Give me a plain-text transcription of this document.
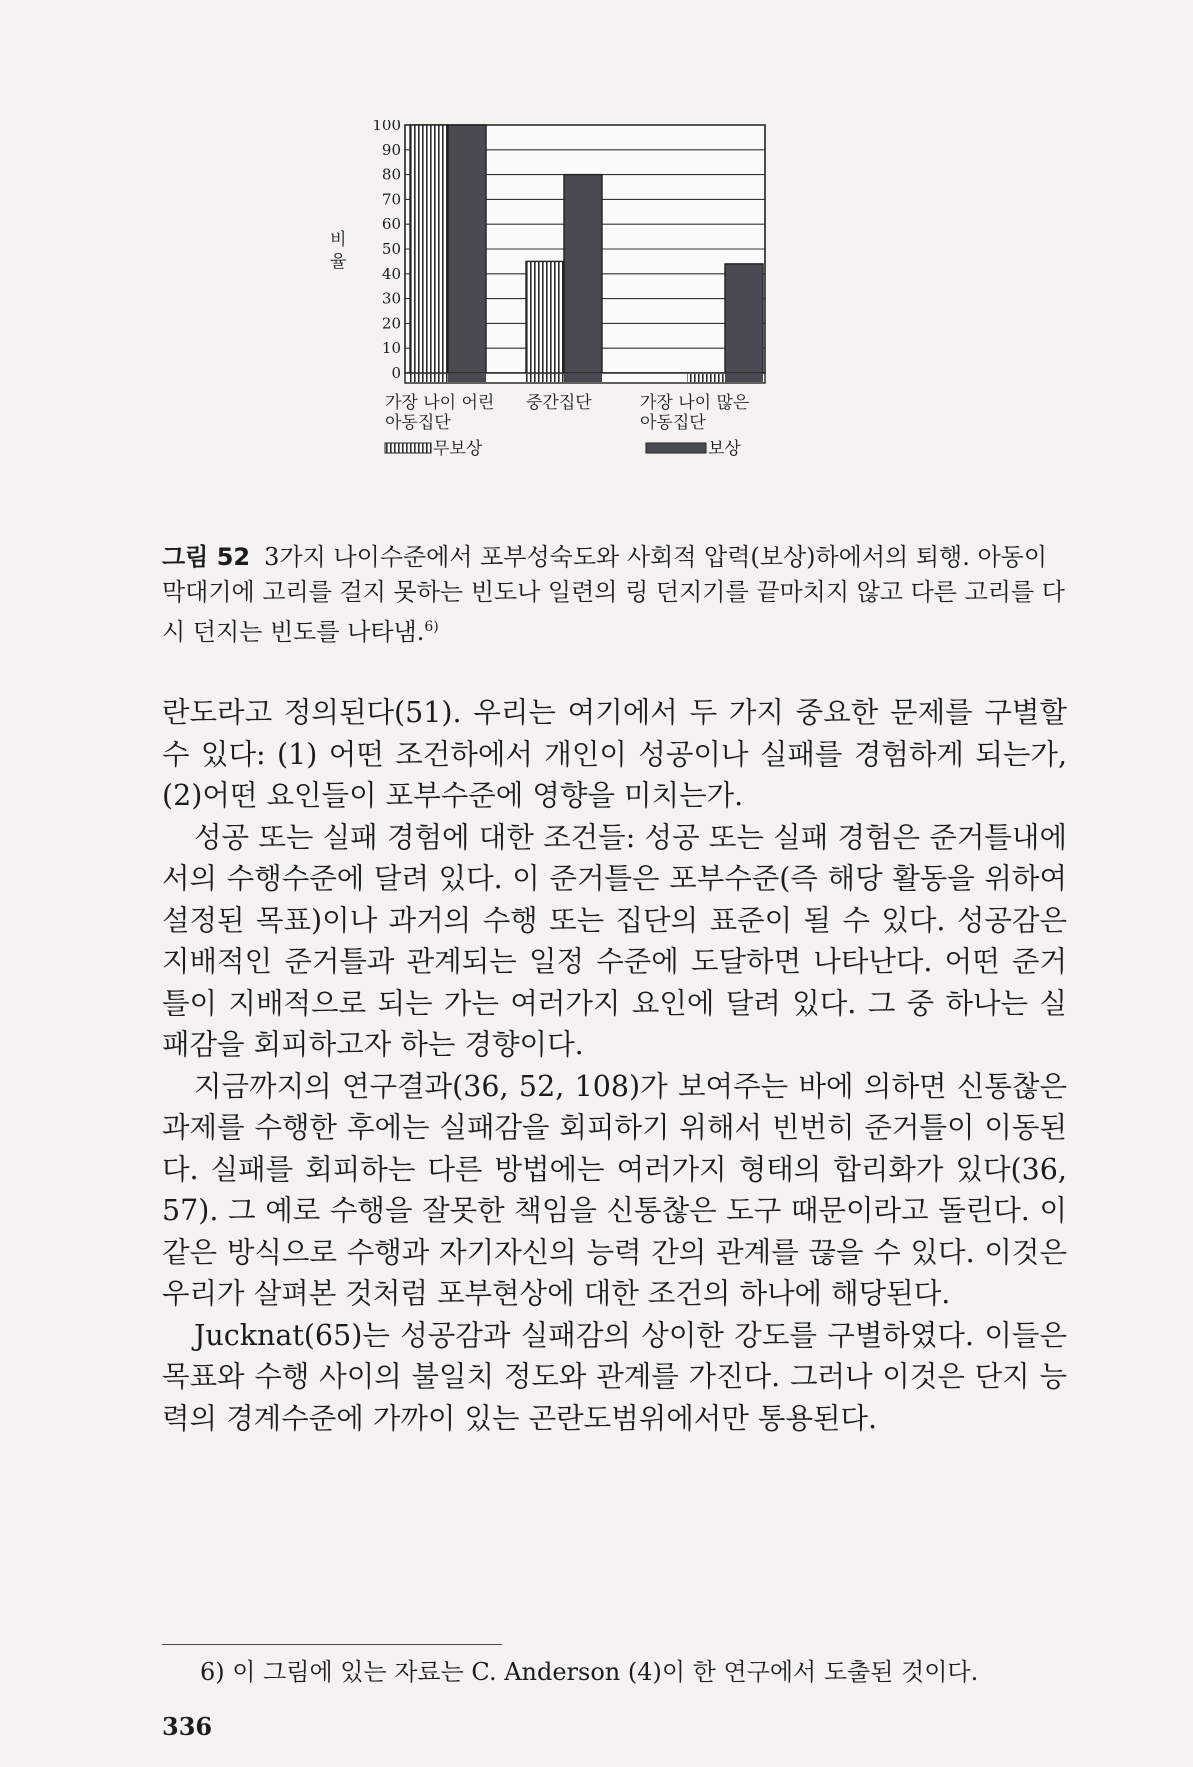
0
10
20
30
40
50
60
70
80
90
100
비
율
가장 나이 어린
아동집단
중간집단	가장 나이 많은
아동집단
무보상	보상
그림 52 3가지 나이수준에서 포부성숙도와 사회적 압력(보상)하에서의 퇴행. 아동이 막대기에 고리를 걸지 못하는 빈도나 일련의 링 던지기를 끝마치지 않고 다른 고리를 다시 던지는 빈도를 나타냄.$^{6)}$

란도라고 정의된다(51). 우리는 여기에서 두 가지 중요한 문제를 구별할 수 있다: (1) 어떤 조건하에서 개인이 성공이나 실패를 경험하게 되는가, (2)어떤 요인들이 포부수준에 영향을 미치는가.

성공 또는 실패 경험에 대한 조건들: 성공 또는 실패 경험은 준거틀내에서의 수행수준에 달려 있다. 이 준거틀은 포부수준(즉 해당 활동을 위하여 설정된 목표)이나 과거의 수행 또는 집단의 표준이 될 수 있다. 성공감은 지배적인 준거틀과 관계되는 일정 수준에 도달하면 나타난다. 어떤 준거틀이 지배적으로 되는 가는 여러가지 요인에 달려 있다. 그 중 하나는 실패감을 회피하고자 하는 경향이다.

지금까지의 연구결과(36, 52, 108)가 보여주는 바에 의하면 신통찮은 과제를 수행한 후에는 실패감을 회피하기 위해서 빈번히 준거틀이 이동된다. 실패를 회피하는 다른 방법에는 여러가지 형태의 합리화가 있다(36, 57). 그 예로 수행을 잘못한 책임을 신통찮은 도구 때문이라고 돌린다. 이같은 방식으로 수행과 자기자신의 능력 간의 관계를 끊을 수 있다. 이것은 우리가 살펴본 것처럼 포부현상에 대한 조건의 하나에 해당된다.

Jucknat(65)는 성공감과 실패감의 상이한 강도를 구별하였다. 이들은 목표와 수행 사이의 불일치 정도와 관계를 가진다. 그러나 이것은 단지 능력의 경계수준에 가까이 있는 곤란도범위에서만 통용된다.

6) 이 그림에 있는 자료는 C. Anderson (4)이 한 연구에서 도출된 것이다.
336
